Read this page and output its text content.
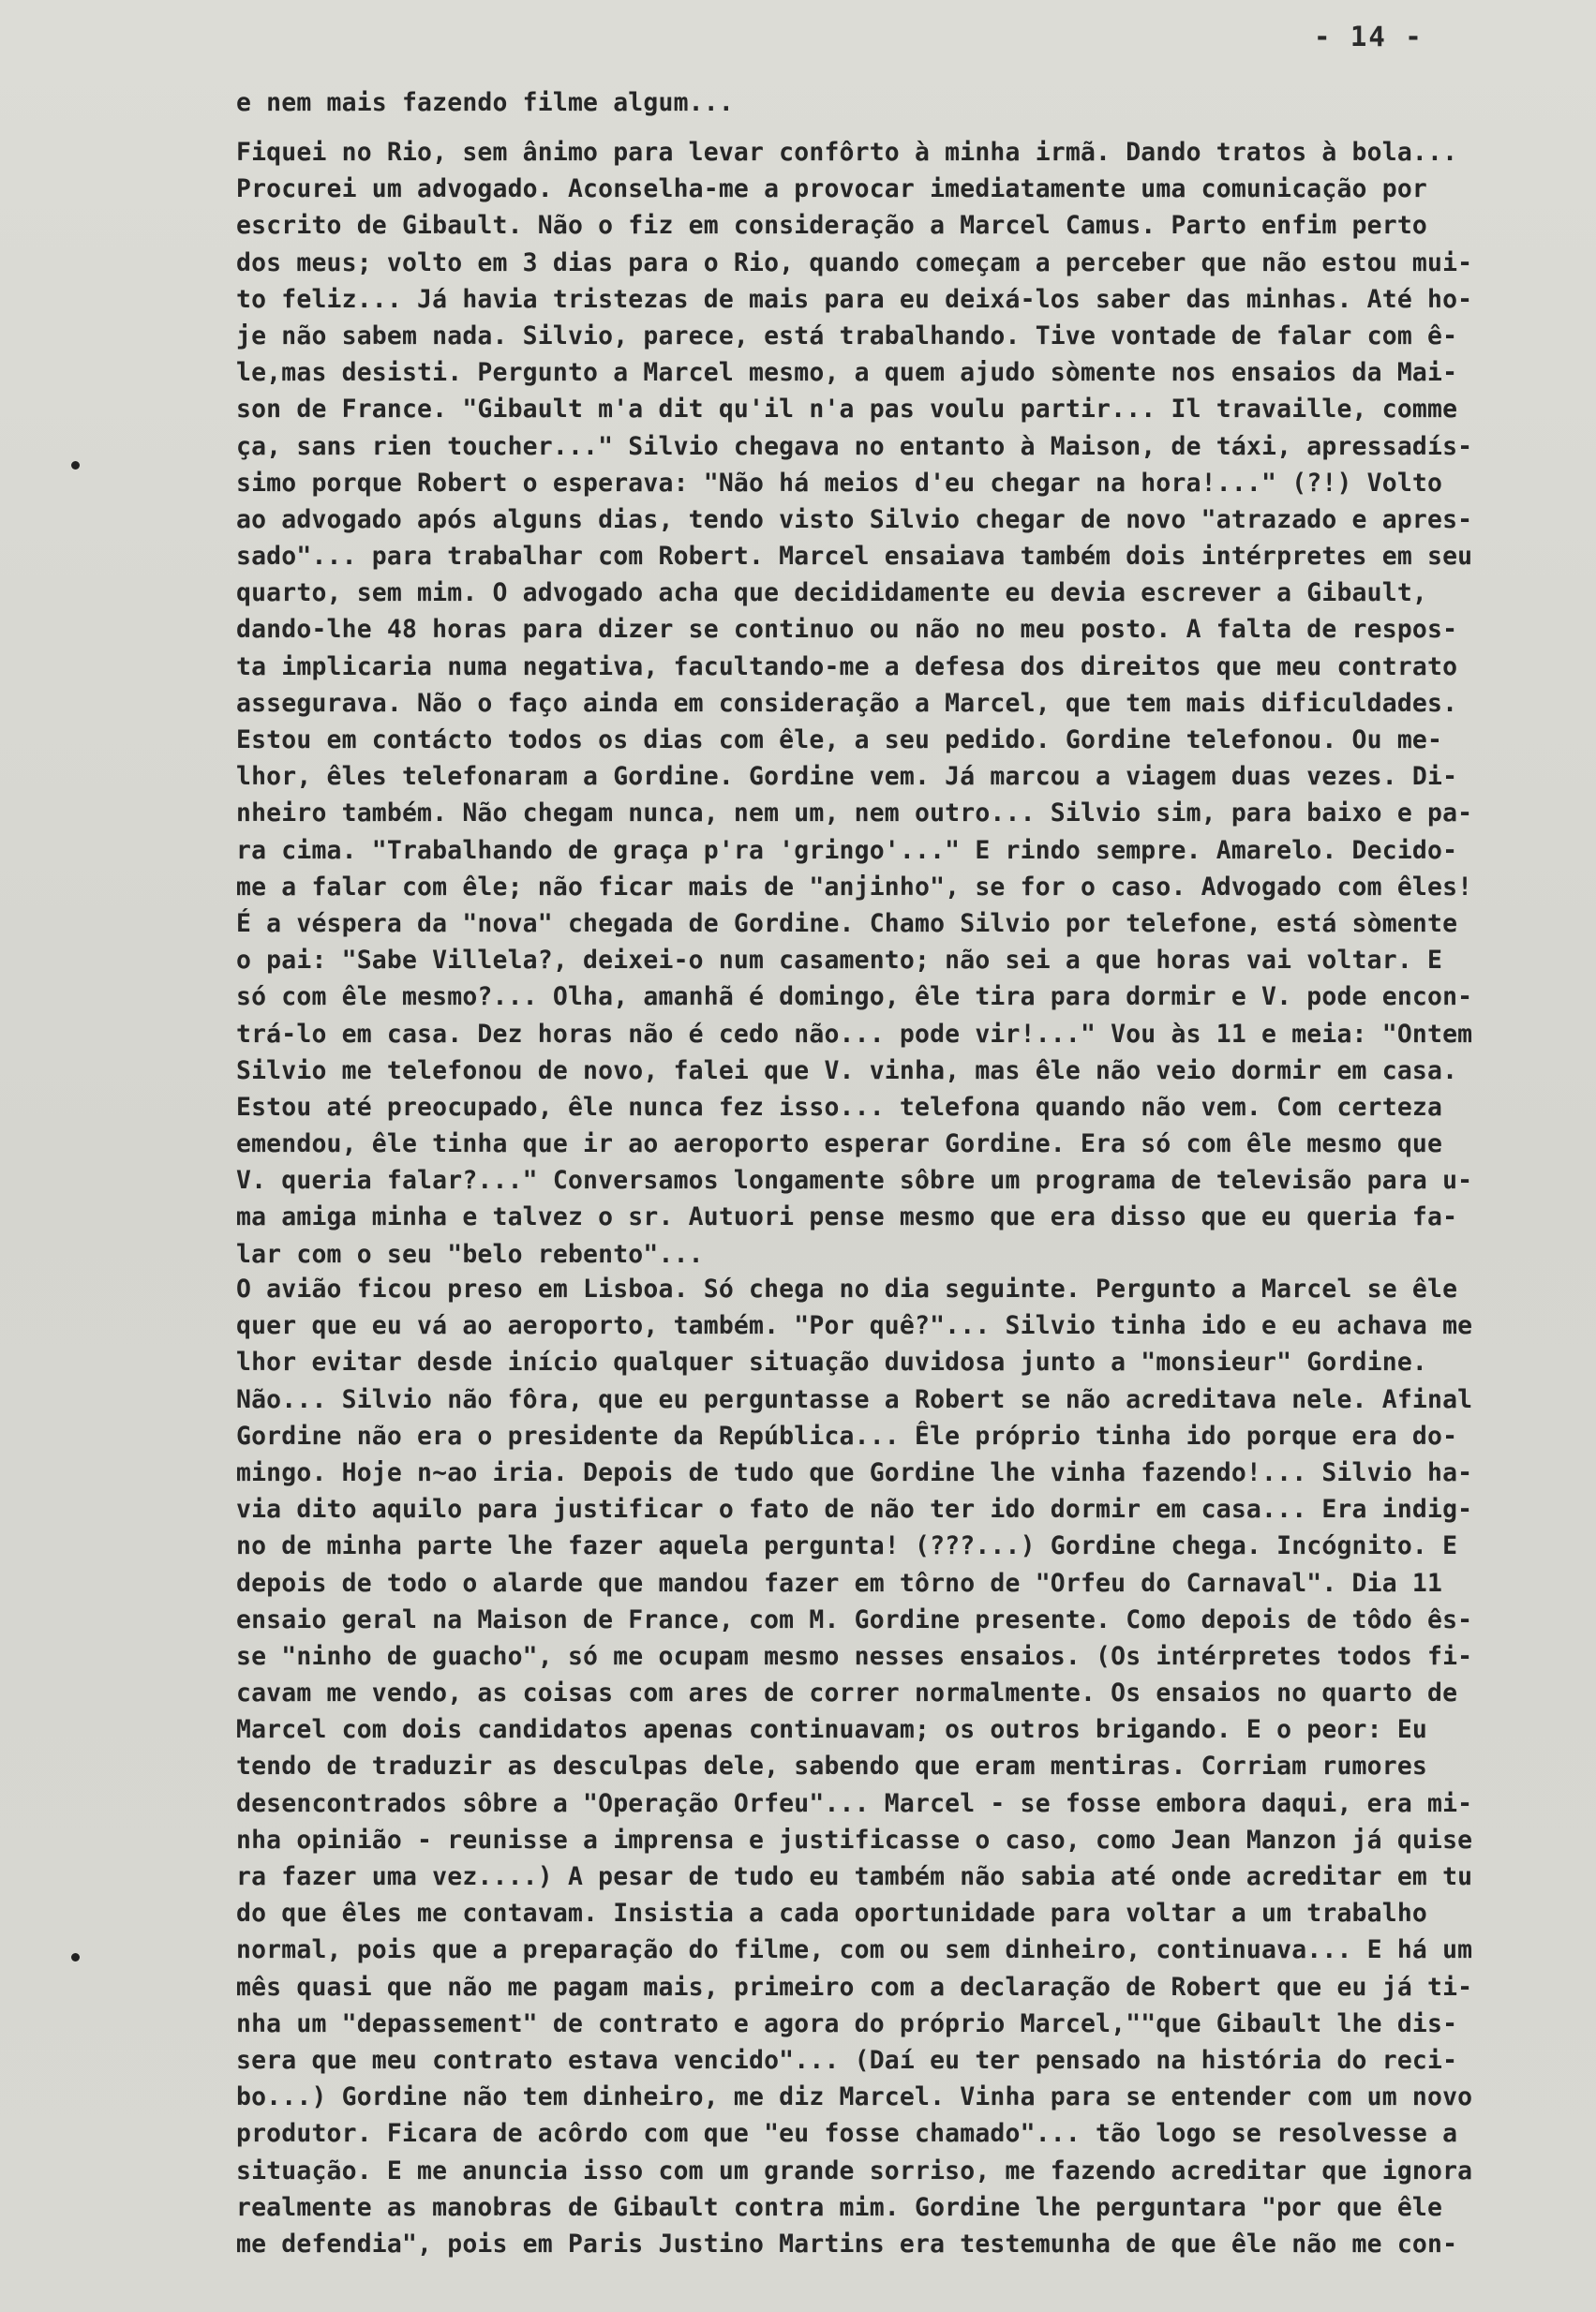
- 14 -
e nem mais fazendo filme algum...
Fiquei no Rio, sem ânimo para levar confôrto à minha irmã. Dando tratos à bola...
Procurei um advogado. Aconselha-me a provocar imediatamente uma comunicação por
escrito de Gibault. Não o fiz em consideração a Marcel Camus. Parto enfim perto
dos meus; volto em 3 dias para o Rio, quando começam a perceber que não estou mui-
to feliz... Já havia tristezas de mais para eu deixá-los saber das minhas. Até ho-
je não sabem nada. Silvio, parece, está trabalhando. Tive vontade de falar com ê-
le,mas desisti. Pergunto a Marcel mesmo, a quem ajudo sòmente nos ensaios da Mai-
son de France. "Gibault m'a dit qu'il n'a pas voulu partir... Il travaille, comme
ça, sans rien toucher..." Silvio chegava no entanto à Maison, de táxi, apressadís-
simo porque Robert o esperava: "Não há meios d'eu chegar na hora!..." (?!) Volto
ao advogado após alguns dias, tendo visto Silvio chegar de novo "atrazado e apres-
sado"... para trabalhar com Robert. Marcel ensaiava também dois intérpretes em seu
quarto, sem mim. O advogado acha que decididamente eu devia escrever a Gibault,
dando-lhe 48 horas para dizer se continuo ou não no meu posto. A falta de respos-
ta implicaria numa negativa, facultando-me a defesa dos direitos que meu contrato
assegurava. Não o faço ainda em consideração a Marcel, que tem mais dificuldades.
Estou em contácto todos os dias com êle, a seu pedido. Gordine telefonou. Ou me-
lhor, êles telefonaram a Gordine. Gordine vem. Já marcou a viagem duas vezes. Di-
nheiro também. Não chegam nunca, nem um, nem outro... Silvio sim, para baixo e pa-
ra cima. "Trabalhando de graça p'ra 'gringo'..." E rindo sempre. Amarelo. Decido-
me a falar com êle; não ficar mais de "anjinho", se for o caso. Advogado com êles!
É a véspera da "nova" chegada de Gordine. Chamo Silvio por telefone, está sòmente
o pai: "Sabe Villela?, deixei-o num casamento; não sei a que horas vai voltar. E
só com êle mesmo?... Olha, amanhã é domingo, êle tira para dormir e V. pode encon-
trá-lo em casa. Dez horas não é cedo não... pode vir!..." Vou às 11 e meia: "Ontem
Silvio me telefonou de novo, falei que V. vinha, mas êle não veio dormir em casa.
Estou até preocupado, êle nunca fez isso... telefona quando não vem. Com certeza
emendou, êle tinha que ir ao aeroporto esperar Gordine. Era só com êle mesmo que
V. queria falar?..." Conversamos longamente sôbre um programa de televisão para u-
ma amiga minha e talvez o sr. Autuori pense mesmo que era disso que eu queria fa-
lar com o seu "belo rebento"...
O avião ficou preso em Lisboa. Só chega no dia seguinte. Pergunto a Marcel se êle
quer que eu vá ao aeroporto, também. "Por quê?"... Silvio tinha ido e eu achava me
lhor evitar desde início qualquer situação duvidosa junto a "monsieur" Gordine.
Não... Silvio não fôra, que eu perguntasse a Robert se não acreditava nele. Afinal
Gordine não era o presidente da República... Êle próprio tinha ido porque era do-
mingo. Hoje n~ao iria. Depois de tudo que Gordine lhe vinha fazendo!... Silvio ha-
via dito aquilo para justificar o fato de não ter ido dormir em casa... Era indig-
no de minha parte lhe fazer aquela pergunta! (???...) Gordine chega. Incógnito. E
depois de todo o alarde que mandou fazer em tôrno de "Orfeu do Carnaval". Dia 11
ensaio geral na Maison de France, com M. Gordine presente. Como depois de tôdo ês-
se "ninho de guacho", só me ocupam mesmo nesses ensaios. (Os intérpretes todos fi-
cavam me vendo, as coisas com ares de correr normalmente. Os ensaios no quarto de
Marcel com dois candidatos apenas continuavam; os outros brigando. E o peor: Eu
tendo de traduzir as desculpas dele, sabendo que eram mentiras. Corriam rumores
desencontrados sôbre a "Operação Orfeu"... Marcel - se fosse embora daqui, era mi-
nha opinião - reunisse a imprensa e justificasse o caso, como Jean Manzon já quise
ra fazer uma vez....) A pesar de tudo eu também não sabia até onde acreditar em tu
do que êles me contavam. Insistia a cada oportunidade para voltar a um trabalho
normal, pois que a preparação do filme, com ou sem dinheiro, continuava... E há um
mês quasi que não me pagam mais, primeiro com a declaração de Robert que eu já ti-
nha um "depassement" de contrato e agora do próprio Marcel,""que Gibault lhe dis-
sera que meu contrato estava vencido"... (Daí eu ter pensado na história do reci-
bo...) Gordine não tem dinheiro, me diz Marcel. Vinha para se entender com um novo
produtor. Ficara de acôrdo com que "eu fosse chamado"... tão logo se resolvesse a
situação. E me anuncia isso com um grande sorriso, me fazendo acreditar que ignora
realmente as manobras de Gibault contra mim. Gordine lhe perguntara "por que êle
me defendia", pois em Paris Justino Martins era testemunha de que êle não me con-
